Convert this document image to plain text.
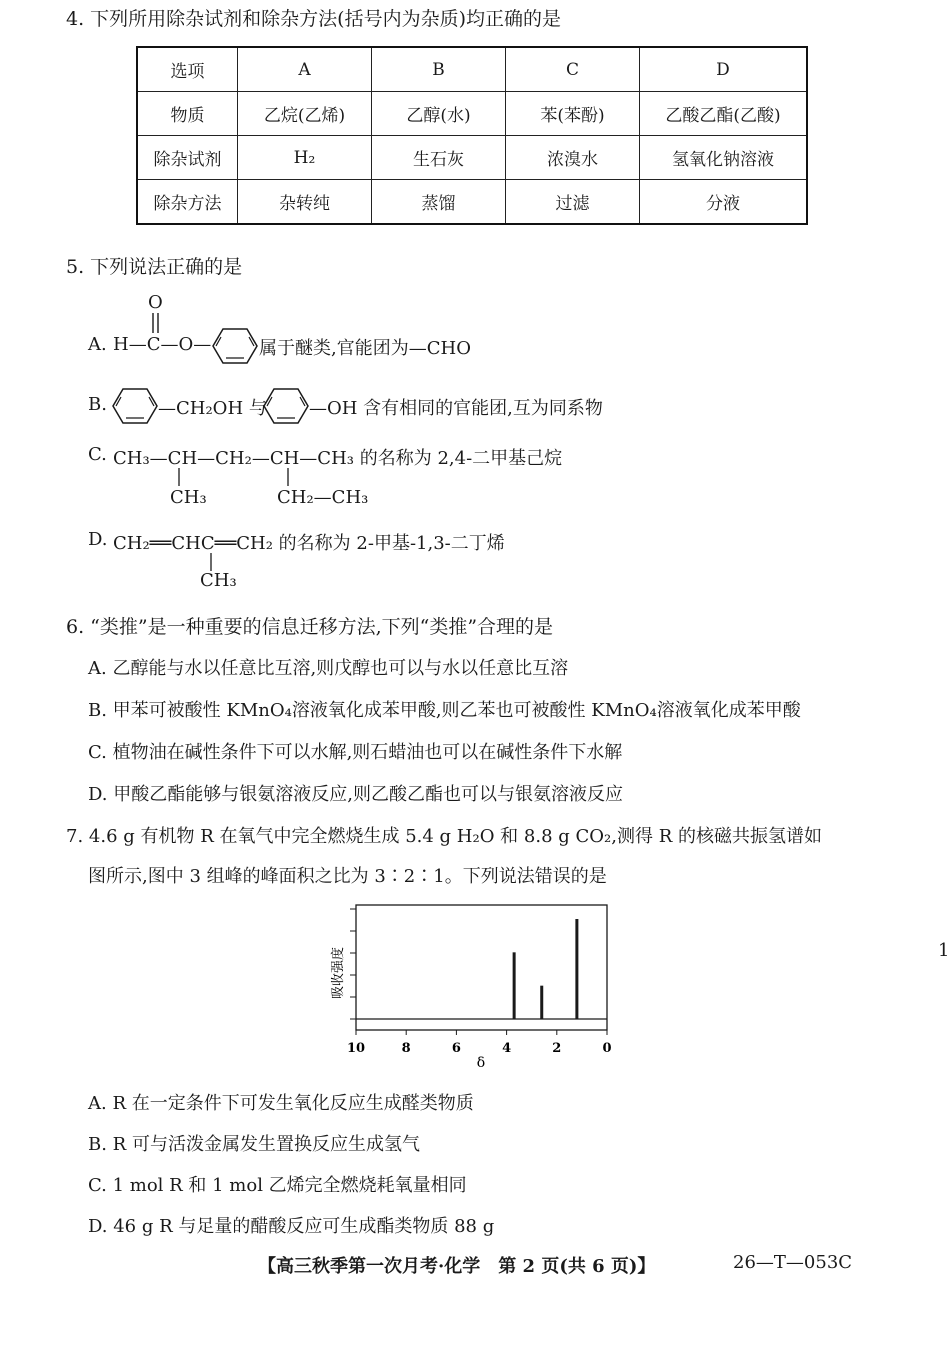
4. 下列所用除杂试剂和除杂方法(括号内为杂质)均正确的是
选项	A	B	C	D
物质	乙烷(乙烯)	乙醇(水)	苯(苯酚)	乙酸乙酯(乙酸)
除杂试剂	H₂	生石灰	浓溴水	氢氧化钠溶液
除杂方法	杂转纯	蒸馏	过滤	分液
5. 下列说法正确的是
A. H—C—O—
O
属于醚类,官能团为—CHO
B.	—CH₂OH 与 —OH 含有相同的官能团,互为同系物
C. CH₃—CH—CH₂—CH—CH₃ 的名称为 2,4-二甲基己烷
CH₃	CH₂—CH₃
D. CH₂══CHC══CH₂ 的名称为 2-甲基-1,3-二丁烯
CH₃
6. “类推”是一种重要的信息迁移方法,下列“类推”合理的是
A. 乙醇能与水以任意比互溶,则戊醇也可以与水以任意比互溶
B. 甲苯可被酸性 KMnO₄溶液氧化成苯甲酸,则乙苯也可被酸性 KMnO₄溶液氧化成苯甲酸
C. 植物油在碱性条件下可以水解,则石蜡油也可以在碱性条件下水解
D. 甲酸乙酯能够与银氨溶液反应,则乙酸乙酯也可以与银氨溶液反应
7. 4.6 g 有机物 R 在氧气中完全燃烧生成 5.4 g H₂O 和 8.8 g CO₂,测得 R 的核磁共振氢谱如
图所示,图中 3 组峰的峰面积之比为 3∶2∶1。下列说法错误的是
10	8	6	4	2	0
吸收强度
δ
1
A. R 在一定条件下可发生氧化反应生成醛类物质
B. R 可与活泼金属发生置换反应生成氢气
C. 1 mol R 和 1 mol 乙烯完全燃烧耗氧量相同
D. 46 g R 与足量的醋酸反应可生成酯类物质 88 g
【高三秋季第一次月考·化学　第 2 页(共 6 页)】	26—T—053C
